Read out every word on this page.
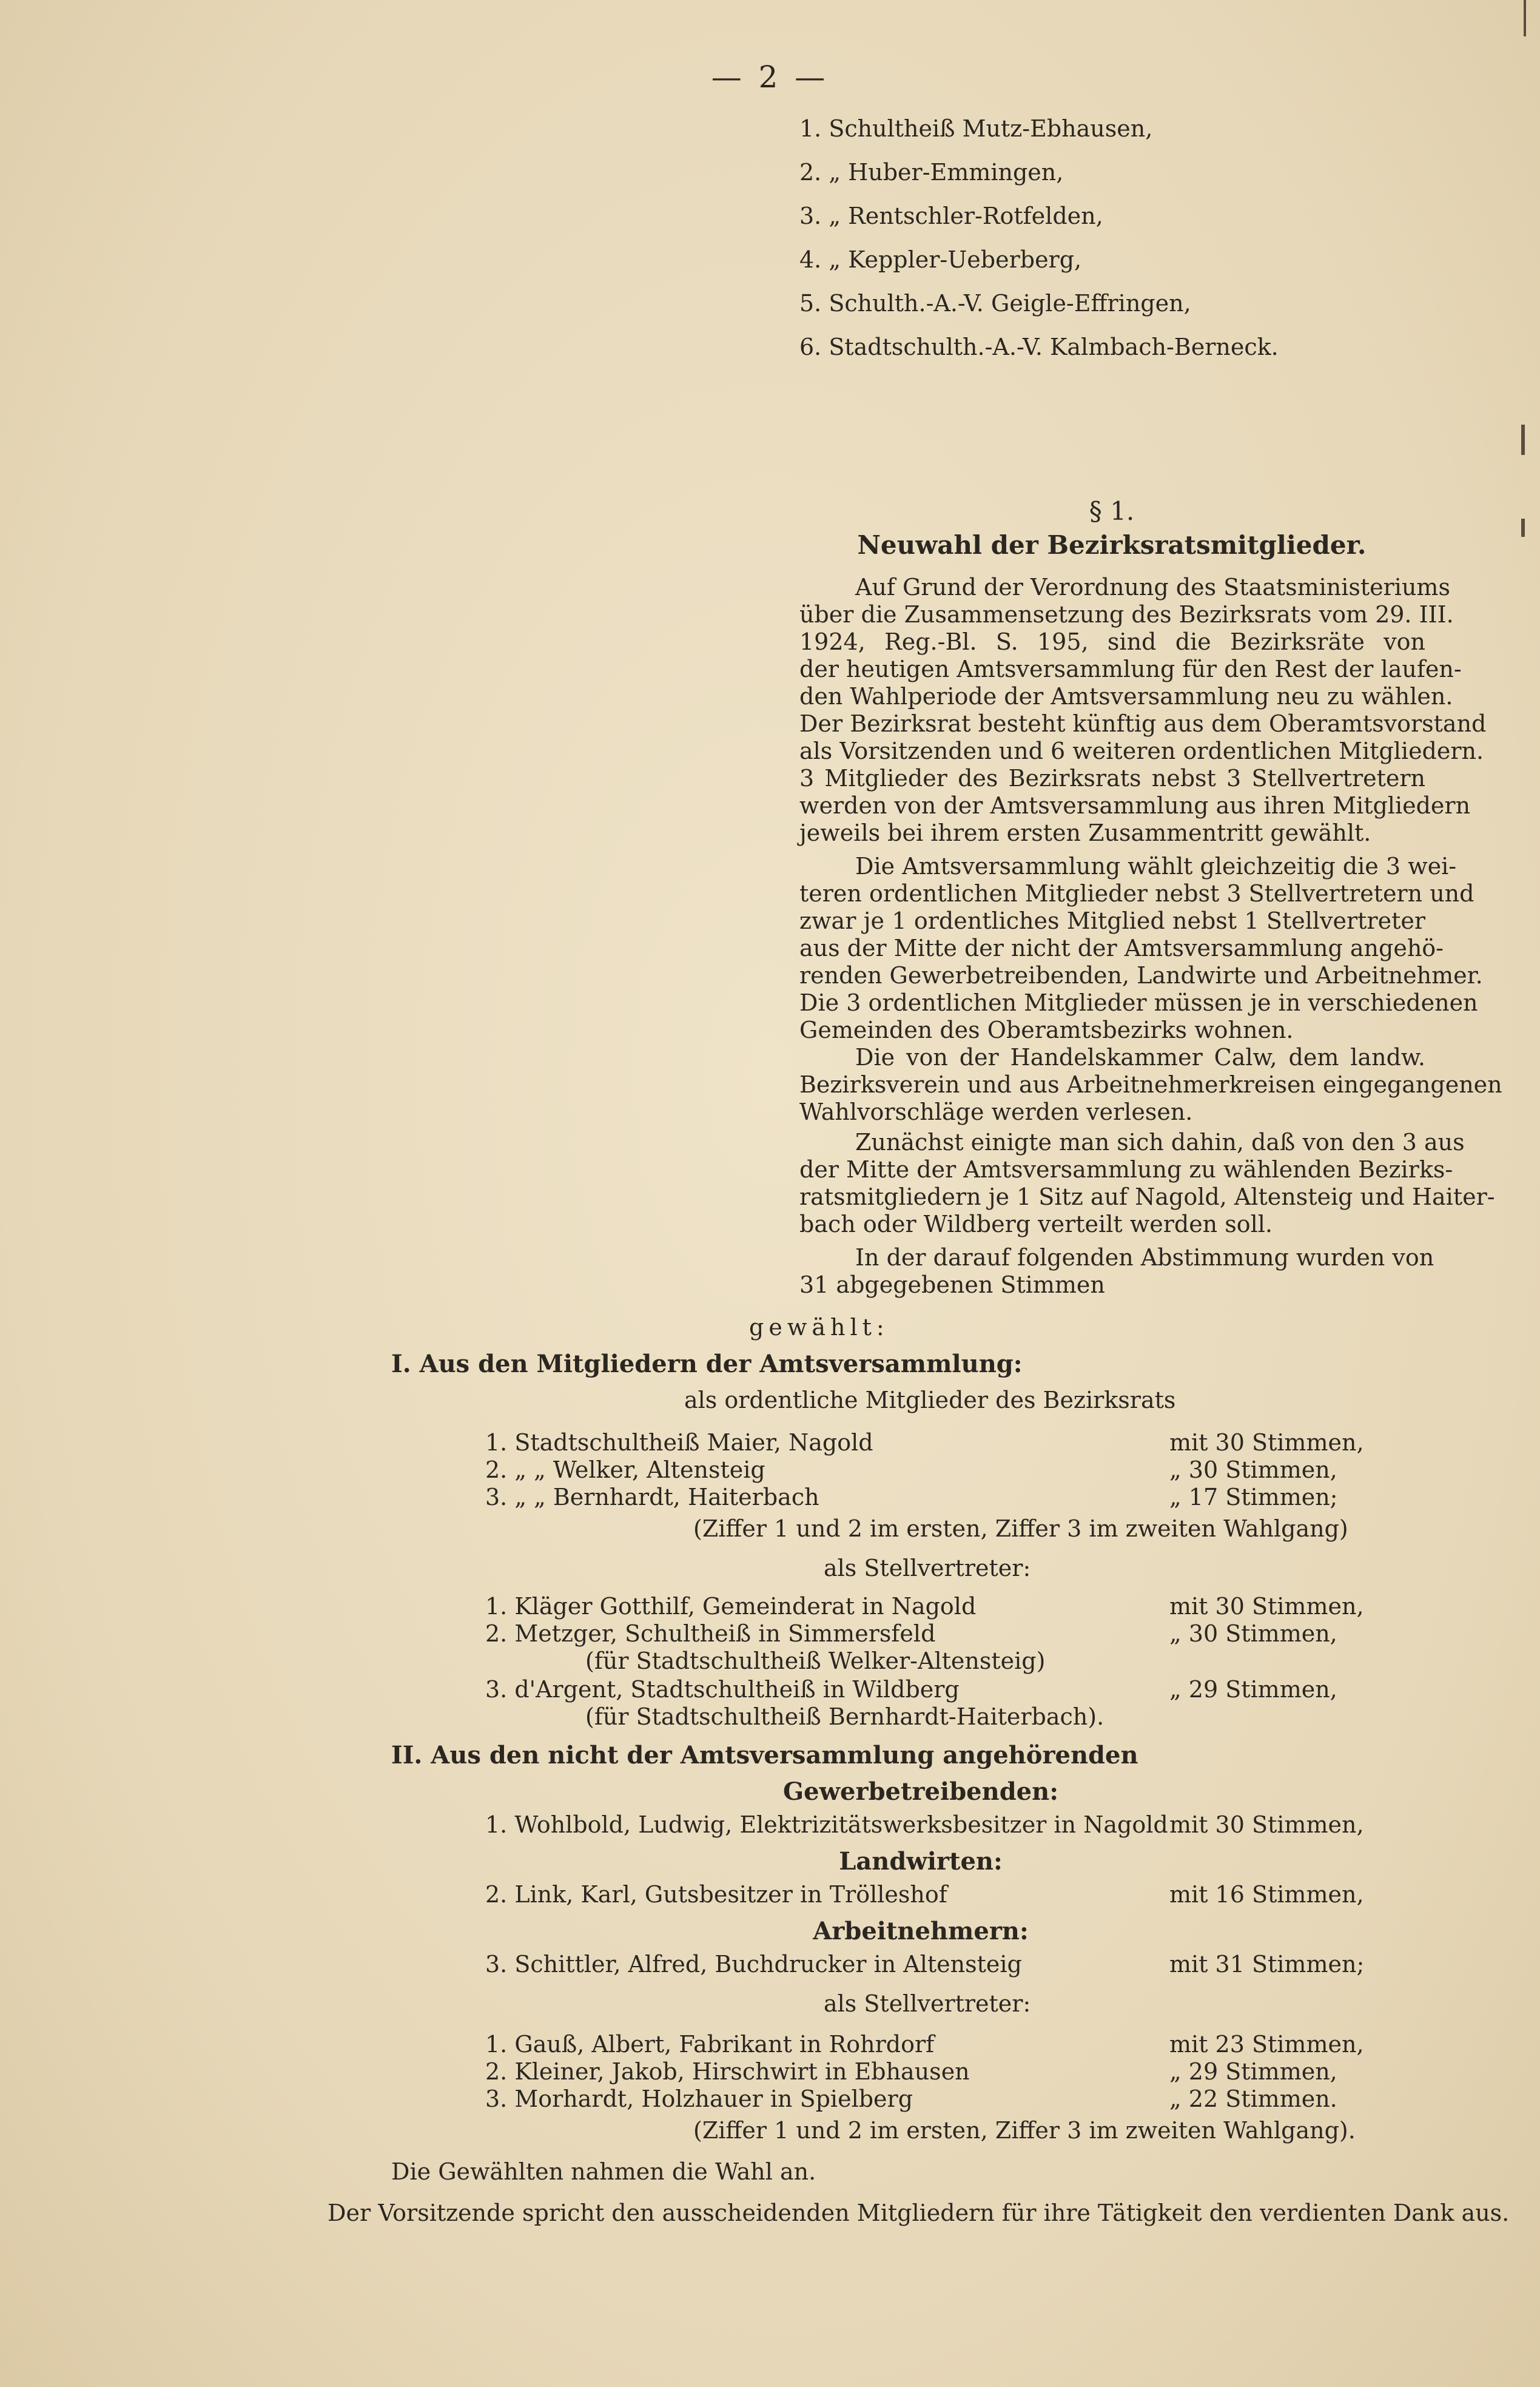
— 2 —
1. Schultheiß Mutz-Ebhausen,
2. „ Huber-Emmingen,
3. „ Rentschler-Rotfelden,
4. „ Keppler-Ueberberg,
5. Schulth.-A.-V. Geigle-Effringen,
6. Stadtschulth.-A.-V. Kalmbach-Berneck.
§ 1.
Neuwahl der Bezirksratsmitglieder.
Auf Grund der Verordnung des Staatsministeriums
über die Zusammensetzung des Bezirksrats vom 29. III.
1924, Reg.-Bl. S. 195, sind die Bezirksräte von
der heutigen Amtsversammlung für den Rest der laufen-
den Wahlperiode der Amtsversammlung neu zu wählen.
Der Bezirksrat besteht künftig aus dem Oberamtsvorstand
als Vorsitzenden und 6 weiteren ordentlichen Mitgliedern.
3 Mitglieder des Bezirksrats nebst 3 Stellvertretern
werden von der Amtsversammlung aus ihren Mitgliedern
jeweils bei ihrem ersten Zusammentritt gewählt.
Die Amtsversammlung wählt gleichzeitig die 3 wei-
teren ordentlichen Mitglieder nebst 3 Stellvertretern und
zwar je 1 ordentliches Mitglied nebst 1 Stellvertreter
aus der Mitte der nicht der Amtsversammlung angehö-
renden Gewerbetreibenden, Landwirte und Arbeitnehmer.
Die 3 ordentlichen Mitglieder müssen je in verschiedenen
Gemeinden des Oberamtsbezirks wohnen.
Die von der Handelskammer Calw, dem landw.
Bezirksverein und aus Arbeitnehmerkreisen eingegangenen
Wahlvorschläge werden verlesen.
Zunächst einigte man sich dahin, daß von den 3 aus
der Mitte der Amtsversammlung zu wählenden Bezirks-
ratsmitgliedern je 1 Sitz auf Nagold, Altensteig und Haiter-
bach oder Wildberg verteilt werden soll.
In der darauf folgenden Abstimmung wurden von
31 abgegebenen Stimmen
gewählt:
I. Aus den Mitgliedern der Amtsversammlung:
als ordentliche Mitglieder des Bezirksrats
1. Stadtschultheiß Maier, Nagold	mit 30 Stimmen,
2. „ „ Welker, Altensteig	„ 30 Stimmen,
3. „ „ Bernhardt, Haiterbach	„ 17 Stimmen;
(Ziffer 1 und 2 im ersten, Ziffer 3 im zweiten Wahlgang)
als Stellvertreter:
1. Kläger Gotthilf, Gemeinderat in Nagold	mit 30 Stimmen,
2. Metzger, Schultheiß in Simmersfeld	„ 30 Stimmen,
(für Stadtschultheiß Welker-Altensteig)
3. d'Argent, Stadtschultheiß in Wildberg	„ 29 Stimmen,
(für Stadtschultheiß Bernhardt-Haiterbach).
II. Aus den nicht der Amtsversammlung angehörenden
Gewerbetreibenden:
1. Wohlbold, Ludwig, Elektrizitätswerksbesitzer in Nagold mit 30 Stimmen,
Landwirten:
2. Link, Karl, Gutsbesitzer in Trölleshof	mit 16 Stimmen,
Arbeitnehmern:
3. Schittler, Alfred, Buchdrucker in Altensteig	mit 31 Stimmen;
als Stellvertreter:
1. Gauß, Albert, Fabrikant in Rohrdorf	mit 23 Stimmen,
2. Kleiner, Jakob, Hirschwirt in Ebhausen	„ 29 Stimmen,
3. Morhardt, Holzhauer in Spielberg	„ 22 Stimmen.
(Ziffer 1 und 2 im ersten, Ziffer 3 im zweiten Wahlgang).
Die Gewählten nahmen die Wahl an.
Der Vorsitzende spricht den ausscheidenden Mitgliedern für ihre Tätigkeit den verdienten Dank aus.
